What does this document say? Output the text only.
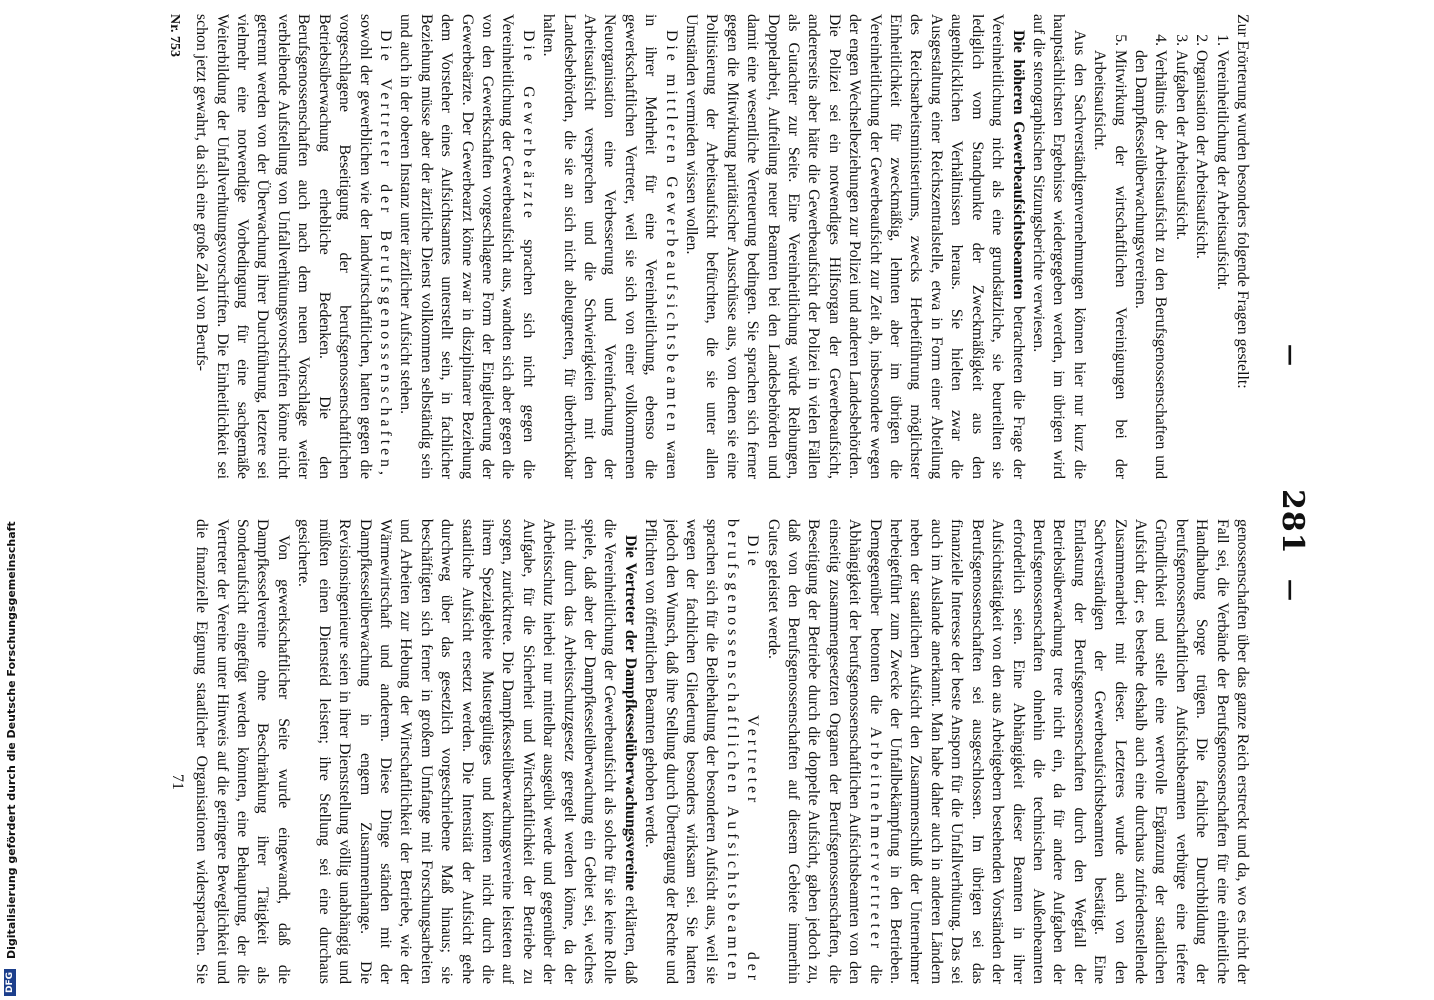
—
281
—

Zur Erörterung wurden besonders folgende Fragen gestellt:

1. Vereinheitlichung der Arbeitsaufsicht.
2. Organisation der Arbeitsaufsicht.
3. Aufgaben der Arbeitsaufsicht.
4. Verhältnis der Arbeitsaufsicht zu den Berufsgenossenschaften und den Dampfkesselüberwachungsvereinen.
5. Mitwirkung der wirtschaftlichen Vereinigungen bei der Arbeitsaufsicht.

Aus den Sachverständigenvernehmungen können hier nur kurz die hauptsächlichsten Ergebnisse wiedergegeben werden, im übrigen wird auf die stenographischen Sitzungsberichte verwiesen.

Die höheren Gewerbeaufsichtsbeamten betrachteten die Frage der Vereinheitlichung nicht als eine grundsätzliche, sie beurteilten sie lediglich vom Standpunkte der Zweckmäßigkeit aus den augenblicklichen Verhältnissen heraus. Sie hielten zwar die Ausgestaltung einer Reichszentralstelle, etwa in Form einer Abteilung des Reichsarbeitsministeriums, zwecks Herbeiführung möglichster Einheitlichkeit für zweckmäßig, lehnten aber im übrigen die Vereinheitlichung der Gewerbeaufsicht zur Zeit ab, insbesondere wegen der engen Wechselbeziehungen zur Polizei und anderen Landesbehörden. Die Polizei sei ein notwendiges Hilfsorgan der Gewerbeaufsicht, andererseits aber hätte die Gewerbeaufsicht der Polizei in vielen Fällen als Gutachter zur Seite. Eine Vereinheitlichung würde Reibungen, Doppelarbeit, Aufteilung neuer Beamten bei den Landesbehörden und damit eine wesentliche Verteuerung bedingen. Sie sprachen sich ferner gegen die Mitwirkung paritätischer Ausschüsse aus, von denen sie eine Politisierung der Arbeitsaufsicht befürchten, die sie unter allen Umständen vermieden wissen wollen.

Die mittleren Gewerbeaufsichtsbeamten waren in ihrer Mehrheit für eine Vereinheitlichung, ebenso die gewerkschaftlichen Vertreter, weil sie sich von einer vollkommenen Neuorganisation eine Verbesserung und Vereinfachung der Arbeitsaufsicht versprechen und die Schwierigkeiten mit den Landesbehörden, die sie an sich nicht ableugneten, für überbrückbar halten.

Die Gewerbeärzte sprachen sich nicht gegen die Vereinheitlichung der Gewerbeaufsicht aus, wandten sich aber gegen die von den Gewerkschaften vorgeschlagene Form der Eingliederung der Gewerbeärzte. Der Gewerbearzt könne zwar in disziplinarer Beziehung dem Vorsteher eines Aufsichtsamtes unterstellt sein, in fachlicher Beziehung müsse aber der ärztliche Dienst vollkommen selbständig sein und auch in der oberen Instanz unter ärztlicher Aufsicht stehen.

Die Vertreter der Berufsgenossenschaften, sowohl der gewerblichen wie der landwirtschaftlichen, hatten gegen die vorgeschlagene Beseitigung der berufsgenossenschaftlichen Betriebsüberwachung erhebliche Bedenken. Die den Berufsgenossenschaften auch nach dem neuen Vorschlage weiter verbleibende Aufstellung von Unfallverhütungsvorschriften könne nicht getrennt werden von der Überwachung ihrer Durchführung, letztere sei vielmehr eine notwendige Vorbedingung für eine sachgemäße Weiterbildung der Unfallverhütungsvorschriften. Die Einheitlichkeit sei schon jetzt gewahrt, da sich eine große Zahl von Berufs-

genossenschaften über das ganze Reich erstreckt und da, wo es nicht der Fall sei, die Verbände der Berufsgenossenschaften für eine einheitliche Handhabung Sorge trügen. Die fachliche Durchbildung der berufsgenossenschaftlichen Aufsichtsbeamten verbürge eine tiefere Gründlichkeit und stelle eine wertvolle Ergänzung der staatlichen Aufsicht dar; es bestehe deshalb auch eine durchaus zufriedenstellende Zusammenarbeit mit dieser. Letzteres wurde auch von den Sachverständigen der Gewerbeaufsichtsbeamten bestätigt. Eine Entlastung der Berufsgenossenschaften durch den Wegfall der Betriebsüberwachung trete nicht ein, da für andere Aufgaben der Berufsgenossenschaften ohnehin die technischen Außenbeamten erforderlich seien. Eine Abhängigkeit dieser Beamten in ihrer Aufsichtstätigkeit von den aus Arbeitgebern bestehenden Vorständen der Berufsgenossenschaften sei ausgeschlossen. Im übrigen sei das finanzielle Interesse der beste Ansporn für die Unfallverhütung. Das sei auch im Auslande anerkannt. Man habe daher auch in anderen Ländern neben der staatlichen Aufsicht den Zusammenschluß der Unternehmer herbeigeführt zum Zwecke der Unfallbekämpfung in den Betrieben. Demgegenüber betonten die Arbeitnehmervertreter die Abhängigkeit der berufsgenossenschaftlichen Aufsichtsbeamten von den einseitig zusammengesetzten Organen der Berufsgenossenschaften, die Beseitigung der Betriebe durch die doppelte Aufsicht, gaben jedoch zu, daß von den Berufsgenossenschaften auf diesem Gebiete immerhin Gutes geleistet werde.

Die Vertreter der berufsgenossenschaftlichen Aufsichtsbeamten sprachen sich für die Beibehaltung der besonderen Aufsicht aus, weil sie wegen der fachlichen Gliederung besonders wirksam sei. Sie hatten jedoch den Wunsch, daß ihre Stellung durch Übertragung der Rechte und Pflichten von öffentlichen Beamten gehoben werde.

Die Vertreter der Dampfkesselüberwachungsvereine erklärten, daß die Vereinheitlichung der Gewerbeaufsicht als solche für sie keine Rolle spiele, daß aber der Dampfkesselüberwachung ein Gebiet sei, welches nicht durch das Arbeitsschutzgesetz geregelt werden könne, da der Arbeitsschutz hierbei nur mittelbar ausgeübt werde und gegenüber der Aufgabe, für die Sicherheit und Wirtschaftlichkeit der Betriebe zu sorgen, zurücktrete. Die Dampfkesselüberwachungsvereine leisteten auf ihrem Spezialgebiete Mustergültiges und könnten nicht durch die staatliche Aufsicht ersetzt werden. Die Intensität der Aufsicht gehe durchweg über das gesetzlich vorgeschriebene Maß hinaus; sie beschäftigten sich ferner in großem Umfange mit Forschungsarbeiten und Arbeiten zur Hebung der Wirtschaftlichkeit der Betriebe, wie der Wärmewirtschaft und anderem. Diese Dinge ständen mit der Dampfkesselüberwachung in engem Zusammenhange. Die Revisionsingenieure seien in ihrer Dienststellung völlig unabhängig und müßten einen Diensteid leisten; ihre Stellung sei eine durchaus gesicherte.

Von gewerkschaftlicher Seite wurde eingewandt, daß die Dampfkesselvereine ohne Beschränkung ihrer Tätigkeit als Sonderaufsicht eingefügt werden könnten, eine Behauptung, der die Vertreter der Vereine unter Hinweis auf die geringere Beweglichkeit und die finanzielle Eignung staatlicher Organisationen widersprachen. Sie

Nr. 753
71
DFG
Digitalisierung gefördert durch die Deutsche Forschungsgemeinschaft
